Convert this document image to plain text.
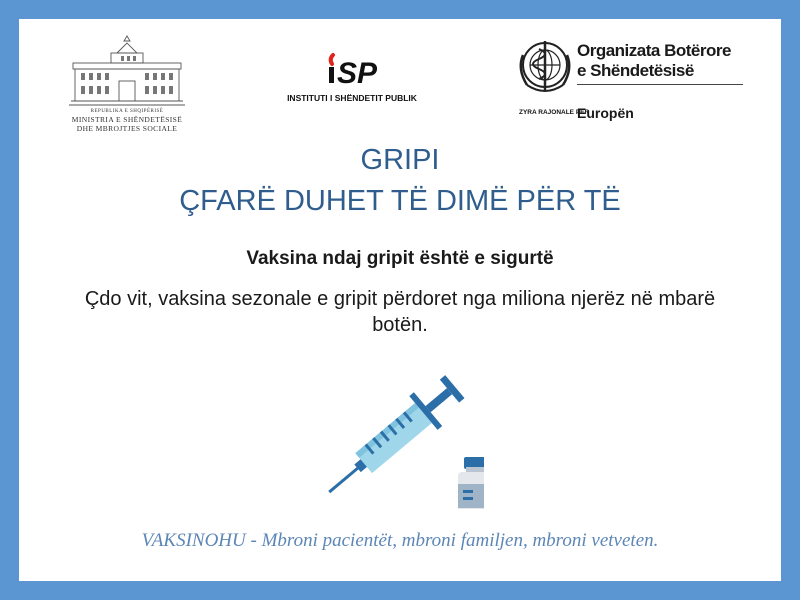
REPUBLIKA E SHQIPËRISË
MINISTRIA E SHËNDETËSISË
DHE MBROJTJES SOCIALE
SP
INSTITUTI I SHËNDETIT PUBLIK
Organizata Botërore
e Shëndetësisë
ZYRA RAJONALE PËR
Europën
GRIPI
ÇFARË DUHET TË DIMË PËR TË
Vaksina ndaj gripit është e sigurtë
Çdo vit, vaksina sezonale e gripit përdoret nga miliona njerëz në mbarë botën.
VAKSINOHU - Mbroni pacientët, mbroni familjen, mbroni vetveten.
